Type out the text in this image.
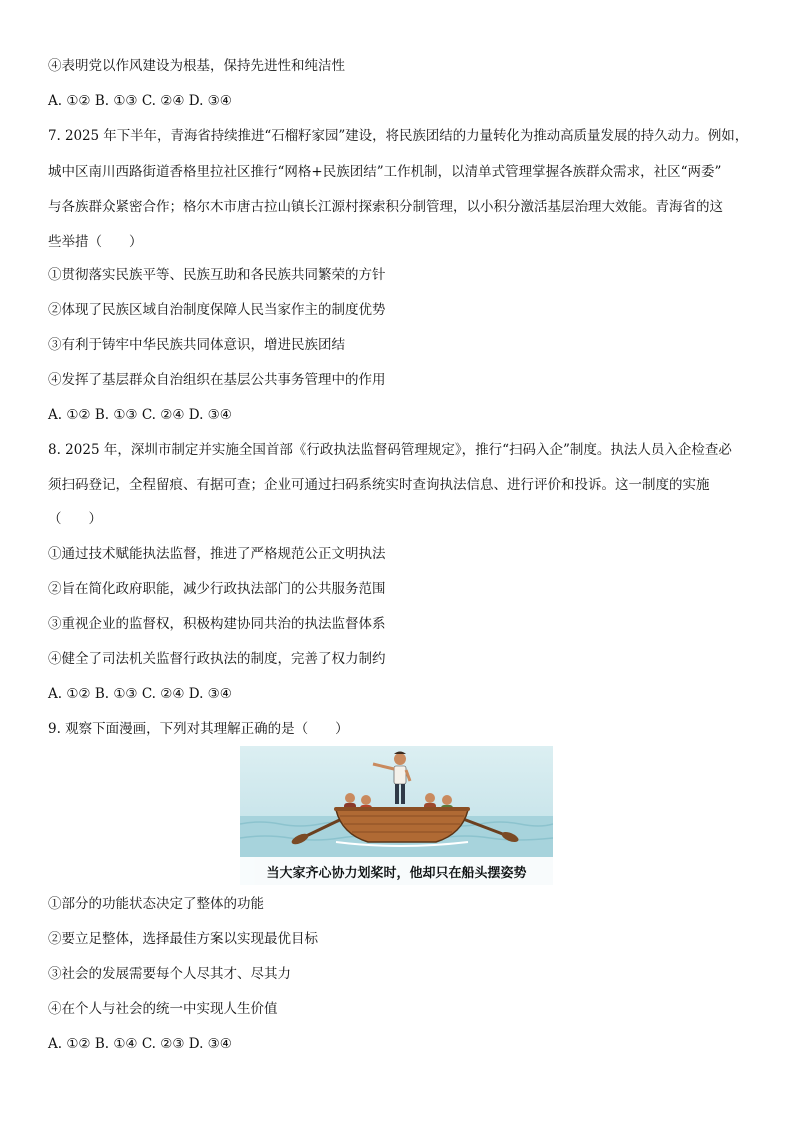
④表明党以作风建设为根基，保持先进性和纯洁性
A. ①② B. ①③ C. ②④ D. ③④
7. 2025 年下半年，青海省持续推进“石榴籽家园”建设，将民族团结的力量转化为推动高质量发展的持久动力。例如，
城中区南川西路街道香格里拉社区推行“网格+民族团结”工作机制，以清单式管理掌握各族群众需求，社区“两委”
与各族群众紧密合作；格尔木市唐古拉山镇长江源村探索积分制管理，以小积分激活基层治理大效能。青海省的这
些举措（　　）
①贯彻落实民族平等、民族互助和各民族共同繁荣的方针
②体现了民族区域自治制度保障人民当家作主的制度优势
③有利于铸牢中华民族共同体意识，增进民族团结
④发挥了基层群众自治组织在基层公共事务管理中的作用
A. ①② B. ①③ C. ②④ D. ③④
8. 2025 年，深圳市制定并实施全国首部《行政执法监督码管理规定》，推行“扫码入企”制度。执法人员入企检查必
须扫码登记，全程留痕、有据可查；企业可通过扫码系统实时查询执法信息、进行评价和投诉。这一制度的实施
（　　）
①通过技术赋能执法监督，推进了严格规范公正文明执法
②旨在简化政府职能，减少行政执法部门的公共服务范围
③重视企业的监督权，积极构建协同共治的执法监督体系
④健全了司法机关监督行政执法的制度，完善了权力制约
A. ①② B. ①③ C. ②④ D. ③④
9. 观察下面漫画，下列对其理解正确的是（　　）
当大家齐心协力划桨时，他却只在船头摆姿势
①部分的功能状态决定了整体的功能
②要立足整体，选择最佳方案以实现最优目标
③社会的发展需要每个人尽其才、尽其力
④在个人与社会的统一中实现人生价值
A. ①② B. ①④ C. ②③ D. ③④
